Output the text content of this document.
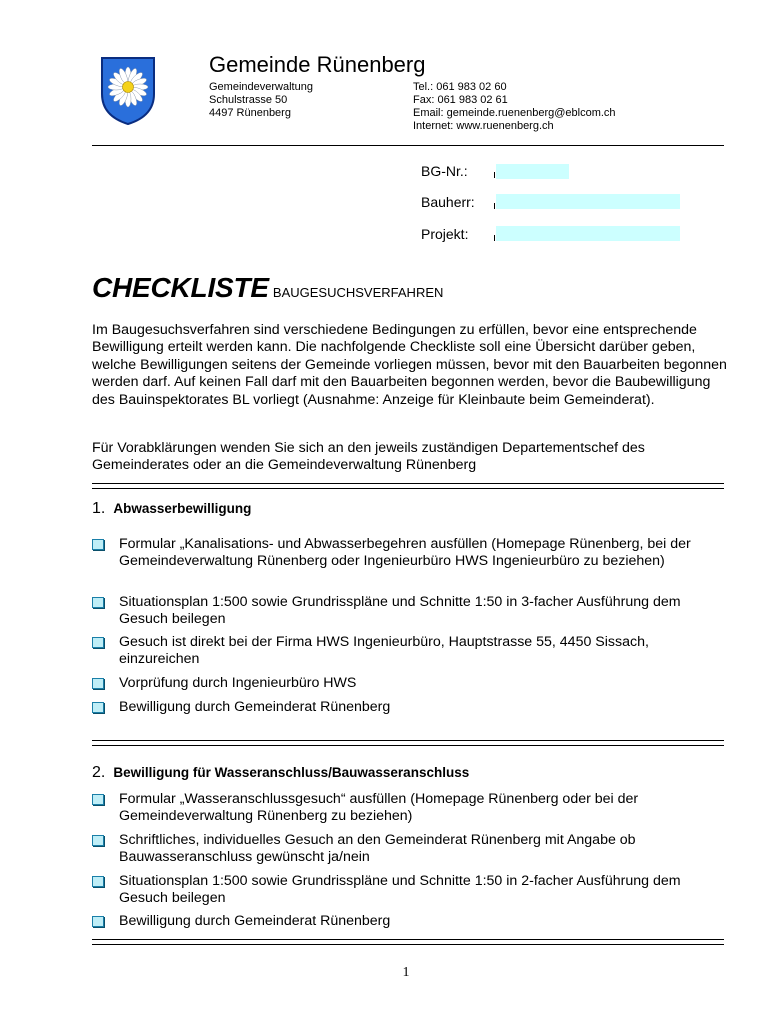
Gemeinde Rünenberg
Gemeindeverwaltung
Schulstrasse 50
4497 Rünenberg
Tel.: 061 983 02 60
Fax: 061 983 02 61
Email: gemeinde.ruenenberg@eblcom.ch
Internet: www.ruenenberg.ch
BG-Nr.:
Bauherr:
Projekt:
CHECKLISTE BAUGESUCHSVERFAHREN
Im Baugesuchsverfahren sind verschiedene Bedingungen zu erfüllen, bevor eine entsprechende Bewilligung erteilt werden kann. Die nachfolgende Checkliste soll eine Übersicht darüber geben, welche Bewilligungen seitens der Gemeinde vorliegen müssen, bevor mit den Bauarbeiten begonnen werden darf. Auf keinen Fall darf mit den Bauarbeiten begonnen werden, bevor die Baubewilligung des Bauinspektorates BL vorliegt (Ausnahme: Anzeige für Kleinbaute beim Gemeinderat).
Für Vorabklärungen wenden Sie sich an den jeweils zuständigen Departementschef des Gemeinderates oder an die Gemeindeverwaltung Rünenberg
1. Abwasserbewilligung
Formular „Kanalisations- und Abwasserbegehren ausfüllen (Homepage Rünenberg, bei der Gemeindeverwaltung Rünenberg oder Ingenieurbüro HWS Ingenieurbüro zu beziehen)
Situationsplan 1:500 sowie Grundrisspläne und Schnitte 1:50 in 3-facher Ausführung dem Gesuch beilegen
Gesuch ist direkt bei der Firma HWS Ingenieurbüro, Hauptstrasse 55, 4450 Sissach, einzureichen
Vorprüfung durch Ingenieurbüro HWS
Bewilligung durch Gemeinderat Rünenberg
2. Bewilligung für Wasseranschluss/Bauwasseranschluss
Formular „Wasseranschlussgesuch“ ausfüllen (Homepage Rünenberg oder bei der Gemeindeverwaltung Rünenberg zu beziehen)
Schriftliches, individuelles Gesuch an den Gemeinderat Rünenberg mit Angabe ob Bauwasseranschluss gewünscht ja/nein
Situationsplan 1:500 sowie Grundrisspläne und Schnitte 1:50 in 2-facher Ausführung dem Gesuch beilegen
Bewilligung durch Gemeinderat Rünenberg
1
